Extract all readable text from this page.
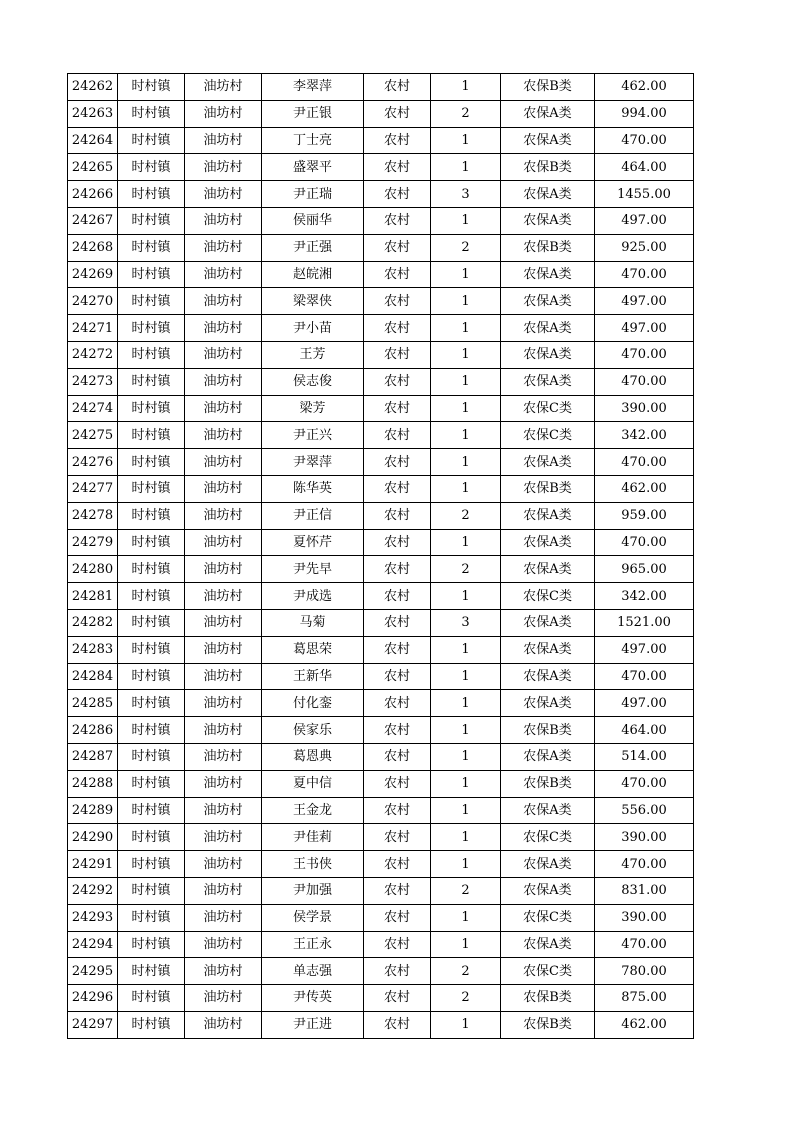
24262	时村镇	油坊村	李翠萍	农村	1	农保B类	462.00
24263	时村镇	油坊村	尹正银	农村	2	农保A类	994.00
24264	时村镇	油坊村	丁士亮	农村	1	农保A类	470.00
24265	时村镇	油坊村	盛翠平	农村	1	农保B类	464.00
24266	时村镇	油坊村	尹正瑞	农村	3	农保A类	1455.00
24267	时村镇	油坊村	侯丽华	农村	1	农保A类	497.00
24268	时村镇	油坊村	尹正强	农村	2	农保B类	925.00
24269	时村镇	油坊村	赵皖湘	农村	1	农保A类	470.00
24270	时村镇	油坊村	梁翠侠	农村	1	农保A类	497.00
24271	时村镇	油坊村	尹小苗	农村	1	农保A类	497.00
24272	时村镇	油坊村	王芳	农村	1	农保A类	470.00
24273	时村镇	油坊村	侯志俊	农村	1	农保A类	470.00
24274	时村镇	油坊村	梁芳	农村	1	农保C类	390.00
24275	时村镇	油坊村	尹正兴	农村	1	农保C类	342.00
24276	时村镇	油坊村	尹翠萍	农村	1	农保A类	470.00
24277	时村镇	油坊村	陈华英	农村	1	农保B类	462.00
24278	时村镇	油坊村	尹正信	农村	2	农保A类	959.00
24279	时村镇	油坊村	夏怀芹	农村	1	农保A类	470.00
24280	时村镇	油坊村	尹先早	农村	2	农保A类	965.00
24281	时村镇	油坊村	尹成选	农村	1	农保C类	342.00
24282	时村镇	油坊村	马菊	农村	3	农保A类	1521.00
24283	时村镇	油坊村	葛思荣	农村	1	农保A类	497.00
24284	时村镇	油坊村	王新华	农村	1	农保A类	470.00
24285	时村镇	油坊村	付化銮	农村	1	农保A类	497.00
24286	时村镇	油坊村	侯家乐	农村	1	农保B类	464.00
24287	时村镇	油坊村	葛恩典	农村	1	农保A类	514.00
24288	时村镇	油坊村	夏中信	农村	1	农保B类	470.00
24289	时村镇	油坊村	王金龙	农村	1	农保A类	556.00
24290	时村镇	油坊村	尹佳莉	农村	1	农保C类	390.00
24291	时村镇	油坊村	王书侠	农村	1	农保A类	470.00
24292	时村镇	油坊村	尹加强	农村	2	农保A类	831.00
24293	时村镇	油坊村	侯学景	农村	1	农保C类	390.00
24294	时村镇	油坊村	王正永	农村	1	农保A类	470.00
24295	时村镇	油坊村	单志强	农村	2	农保C类	780.00
24296	时村镇	油坊村	尹传英	农村	2	农保B类	875.00
24297	时村镇	油坊村	尹正进	农村	1	农保B类	462.00
